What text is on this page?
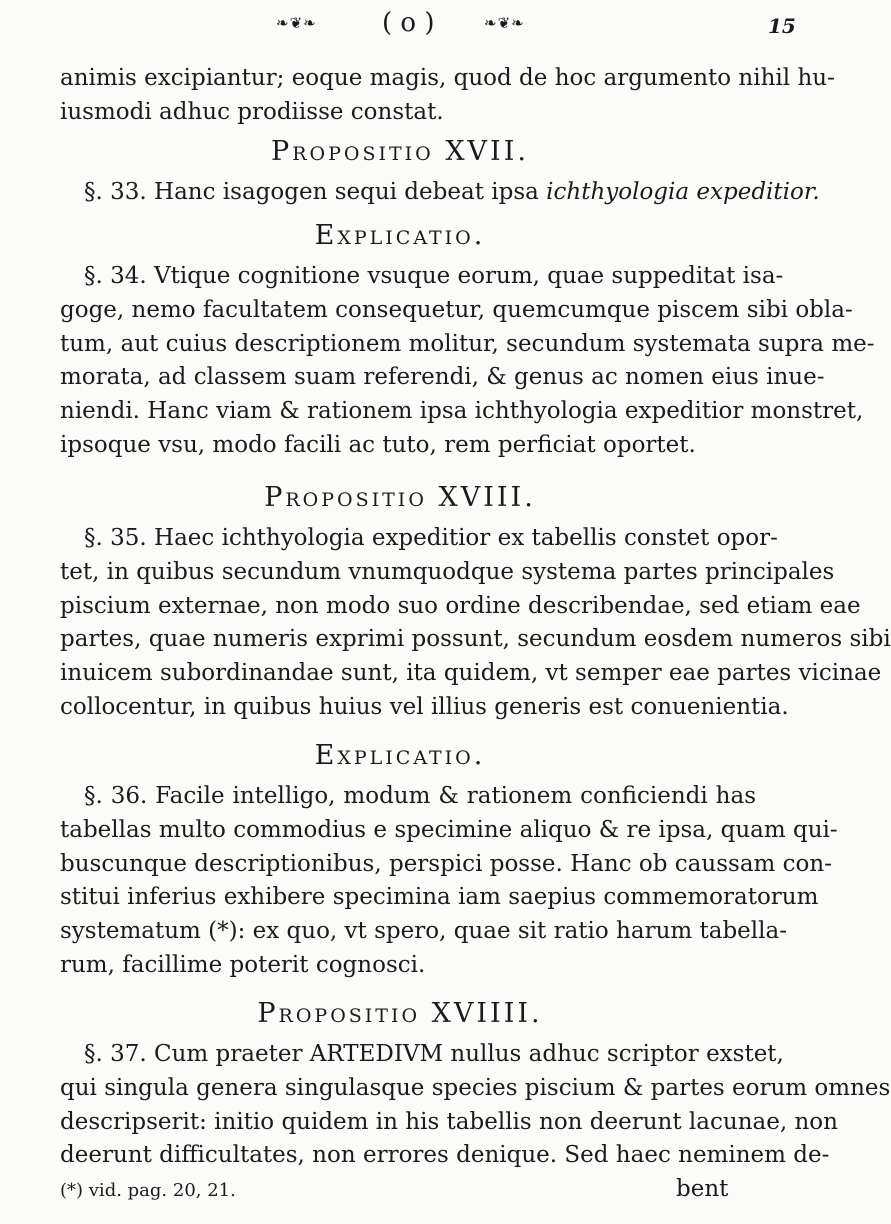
❧❦❧	( o )	❧❦❧	15
animis excipiantur; eoque magis, quod de hoc argumento nihil hu-
iusmodi adhuc prodiisse constat.
Propositio XVII.
§. 33. Hanc isagogen sequi debeat ipsa ichthyologia expeditior.
Explicatio.
§. 34. Vtique cognitione vsuque eorum, quae suppeditat isa-
goge, nemo facultatem consequetur, quemcumque piscem sibi obla-
tum, aut cuius descriptionem molitur, secundum systemata supra me-
morata, ad classem suam referendi, & genus ac nomen eius inue-
niendi. Hanc viam & rationem ipsa ichthyologia expeditior monstret,
ipsoque vsu, modo facili ac tuto, rem perficiat oportet.
Propositio XVIII.
§. 35. Haec ichthyologia expeditior ex tabellis constet opor-
tet, in quibus secundum vnumquodque systema partes principales
piscium externae, non modo suo ordine describendae, sed etiam eae
partes, quae numeris exprimi possunt, secundum eosdem numeros sibi
inuicem subordinandae sunt, ita quidem, vt semper eae partes vicinae
collocentur, in quibus huius vel illius generis est conuenientia.
Explicatio.
§. 36. Facile intelligo, modum & rationem conficiendi has
tabellas multo commodius e specimine aliquo & re ipsa, quam qui-
buscunque descriptionibus, perspici posse. Hanc ob caussam con-
stitui inferius exhibere specimina iam saepius commemoratorum
systematum (*): ex quo, vt spero, quae sit ratio harum tabella-
rum, facillime poterit cognosci.
Propositio XVIIII.
§. 37. Cum praeter ARTEDIVM nullus adhuc scriptor exstet,
qui singula genera singulasque species piscium & partes eorum omnes
descripserit: initio quidem in his tabellis non deerunt lacunae, non
deerunt difficultates, non errores denique. Sed haec neminem de-
bent
(*) vid. pag. 20, 21.
